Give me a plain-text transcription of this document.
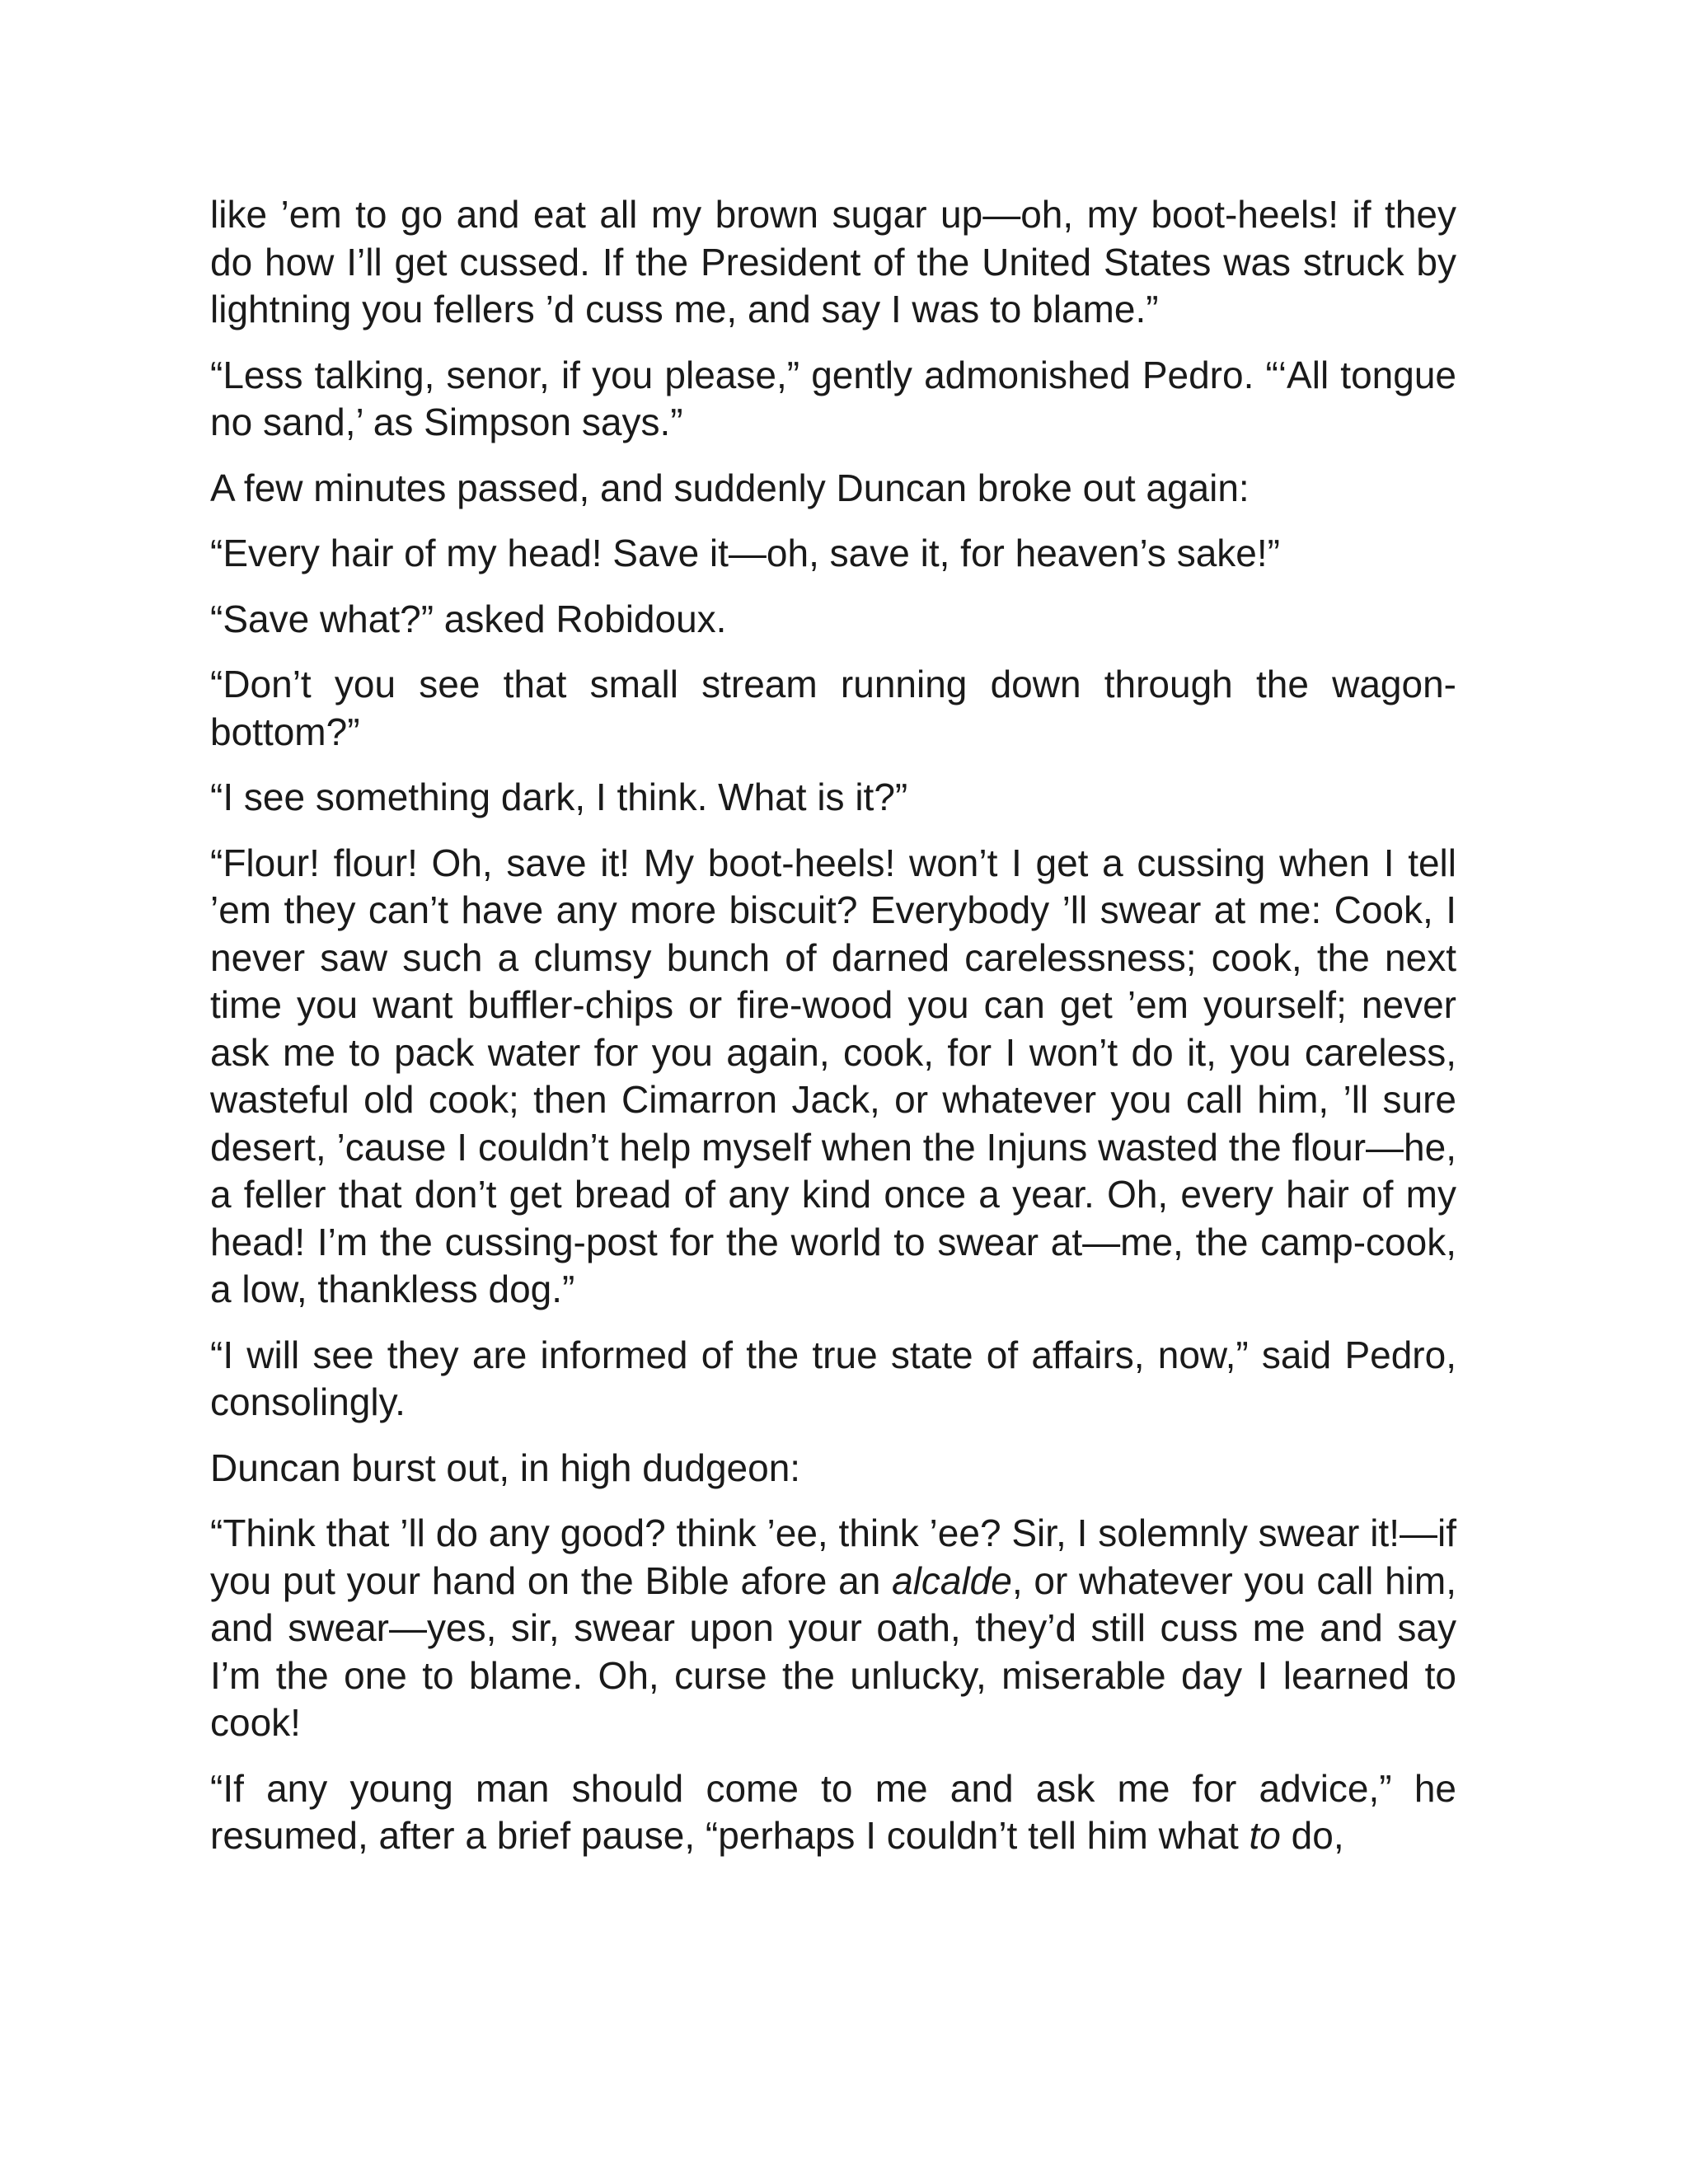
like ’em to go and eat all my brown sugar up—oh, my boot-heels! if they do how I’ll get cussed. If the President of the United States was struck by lightning you fellers ’d cuss me, and say I was to blame.”

“Less talking, senor, if you please,” gently admonished Pedro. “‘All tongue no sand,’ as Simpson says.”

A few minutes passed, and suddenly Duncan broke out again:

“Every hair of my head! Save it—oh, save it, for heaven’s sake!”

“Save what?” asked Robidoux.

“Don’t you see that small stream running down through the wagon-bottom?”

“I see something dark, I think. What is it?”

“Flour! flour! Oh, save it! My boot-heels! won’t I get a cussing when I tell ’em they can’t have any more biscuit? Everybody ’ll swear at me: Cook, I never saw such a clumsy bunch of darned carelessness; cook, the next time you want buffler-chips or fire-wood you can get ’em yourself; never ask me to pack water for you again, cook, for I won’t do it, you careless, wasteful old cook; then Cimarron Jack, or whatever you call him, ’ll sure desert, ’cause I couldn’t help myself when the Injuns wasted the flour—he, a feller that don’t get bread of any kind once a year. Oh, every hair of my head! I’m the cussing-post for the world to swear at—me, the camp-cook, a low, thankless dog.”

“I will see they are informed of the true state of affairs, now,” said Pedro, consolingly.

Duncan burst out, in high dudgeon:

“Think that ’ll do any good? think ’ee, think ’ee? Sir, I solemnly swear it!—if you put your hand on the Bible afore an alcalde, or whatever you call him, and swear—yes, sir, swear upon your oath, they’d still cuss me and say I’m the one to blame. Oh, curse the unlucky, miserable day I learned to cook!

“If any young man should come to me and ask me for advice,” he resumed, after a brief pause, “perhaps I couldn’t tell him what to do,
